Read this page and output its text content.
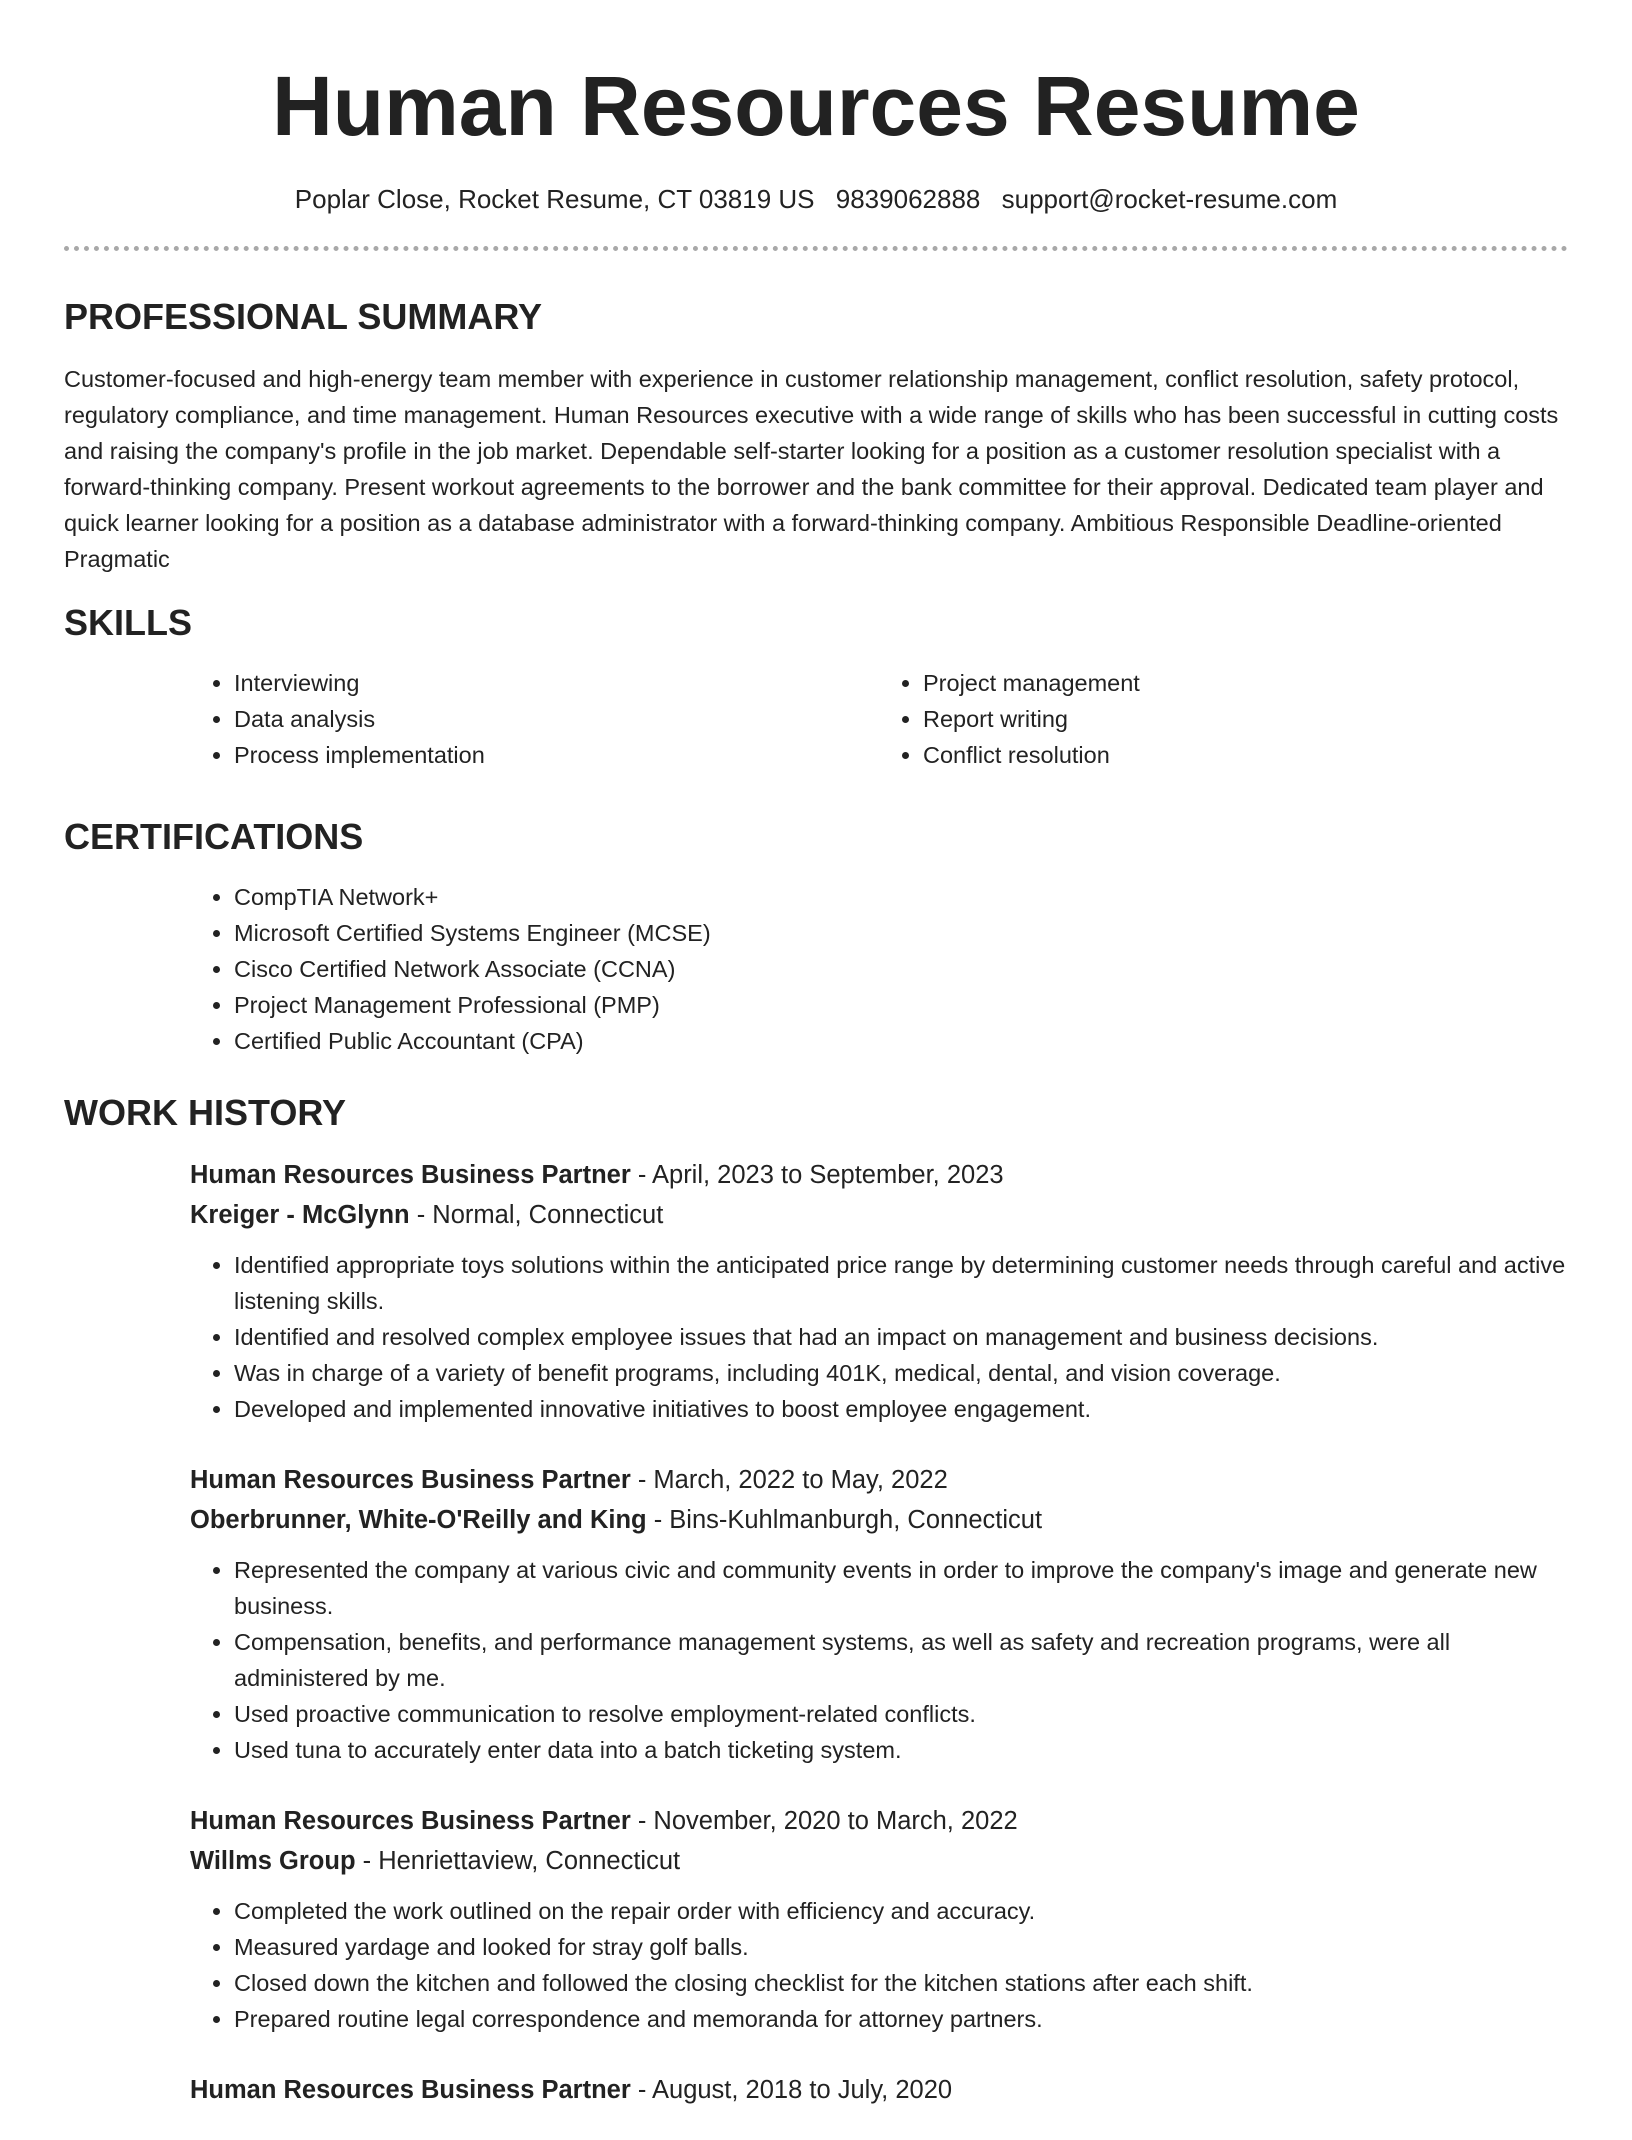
Human Resources Resume
Poplar Close, Rocket Resume, CT 03819 US 9839062888 support@rocket-resume.com
PROFESSIONAL SUMMARY

Customer-focused and high-energy team member with experience in customer relationship management, conflict resolution, safety protocol, regulatory compliance, and time management. Human Resources executive with a wide range of skills who has been successful in cutting costs and raising the company's profile in the job market. Dependable self-starter looking for a position as a customer resolution specialist with a forward-thinking company. Present workout agreements to the borrower and the bank committee for their approval. Dedicated team player and quick learner looking for a position as a database administrator with a forward-thinking company. Ambitious Responsible Deadline-oriented Pragmatic

SKILLS
• Interviewing
• Data analysis
• Process implementation
• Project management
• Report writing
• Conflict resolution
CERTIFICATIONS
• CompTIA Network+
• Microsoft Certified Systems Engineer (MCSE)
• Cisco Certified Network Associate (CCNA)
• Project Management Professional (PMP)
• Certified Public Accountant (CPA)
WORK HISTORY
Human Resources Business Partner - April, 2023 to September, 2023
Kreiger - McGlynn - Normal, Connecticut
• Identified appropriate toys solutions within the anticipated price range by determining customer needs through careful and active listening skills.
• Identified and resolved complex employee issues that had an impact on management and business decisions.
• Was in charge of a variety of benefit programs, including 401K, medical, dental, and vision coverage.
• Developed and implemented innovative initiatives to boost employee engagement.
Human Resources Business Partner - March, 2022 to May, 2022
Oberbrunner, White-O'Reilly and King - Bins-Kuhlmanburgh, Connecticut
• Represented the company at various civic and community events in order to improve the company's image and generate new business.
• Compensation, benefits, and performance management systems, as well as safety and recreation programs, were all administered by me.
• Used proactive communication to resolve employment-related conflicts.
• Used tuna to accurately enter data into a batch ticketing system.
Human Resources Business Partner - November, 2020 to March, 2022
Willms Group - Henriettaview, Connecticut
• Completed the work outlined on the repair order with efficiency and accuracy.
• Measured yardage and looked for stray golf balls.
• Closed down the kitchen and followed the closing checklist for the kitchen stations after each shift.
• Prepared routine legal correspondence and memoranda for attorney partners.
Human Resources Business Partner - August, 2018 to July, 2020
